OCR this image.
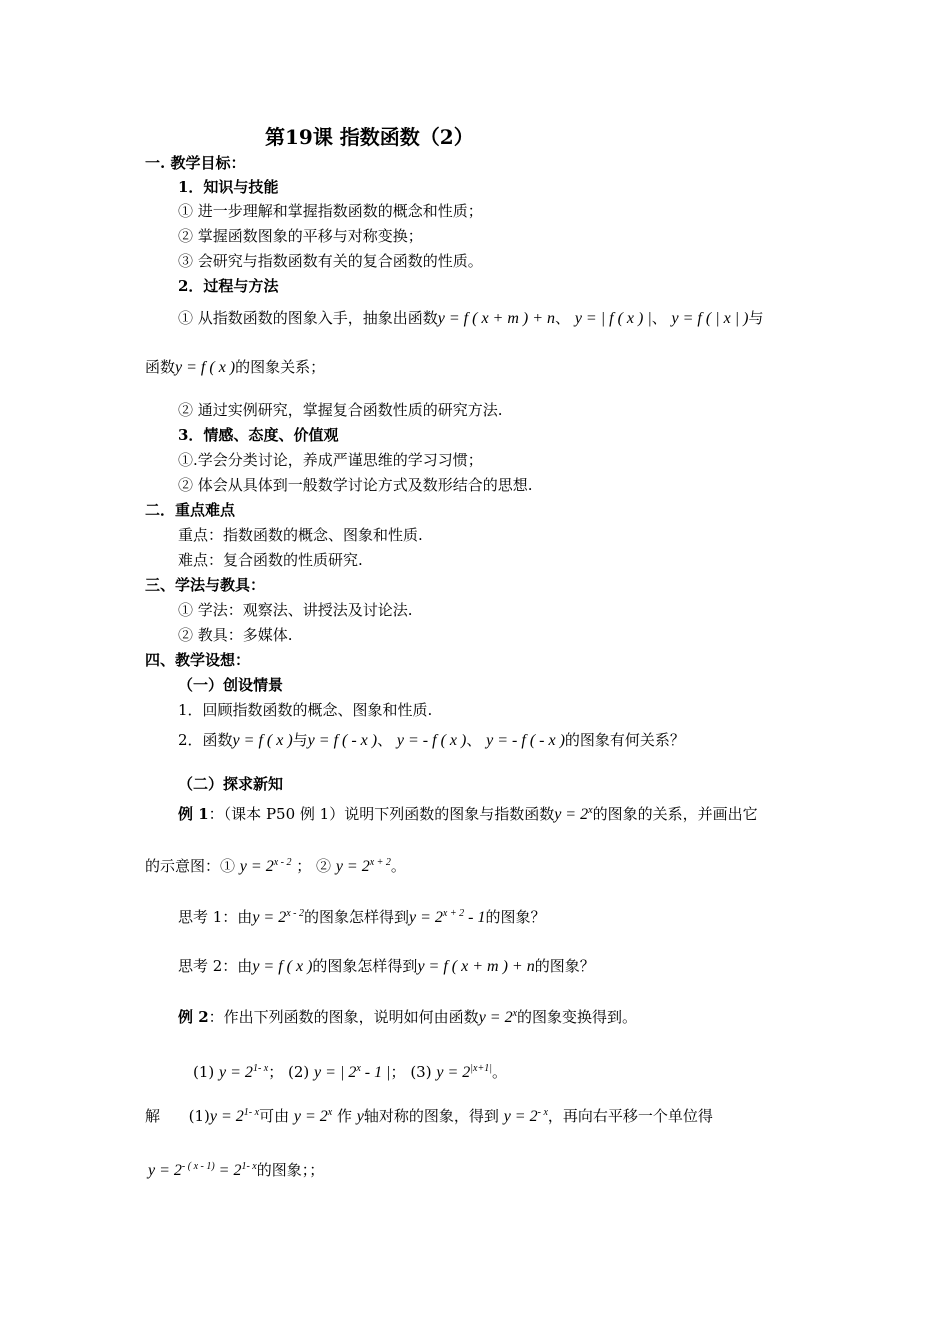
第19课 指数函数（2）
一. 教学目标：
1．知识与技能
① 进一步理解和掌握指数函数的概念和性质；
② 掌握函数图象的平移与对称变换；
③ 会研究与指数函数有关的复合函数的性质。
2．过程与方法
① 从指数函数的图象入手，抽象出函数y = f ( x + m ) + n、 y = | f ( x ) |、 y = f ( | x | )与
函数y = f ( x )的图象关系；
② 通过实例研究，掌握复合函数性质的研究方法.
3．情感、态度、价值观
①.学会分类讨论，养成严谨思维的学习习惯；
② 体会从具体到一般数学讨论方式及数形结合的思想.
二．重点难点
重点：指数函数的概念、图象和性质.
难点：复合函数的性质研究.
三、学法与教具：
① 学法：观察法、讲授法及讨论法.
② 教具：多媒体.
四、教学设想：
（一）创设情景
1．回顾指数函数的概念、图象和性质.
2．函数y = f ( x )与y = f ( - x )、 y = - f ( x )、 y = - f ( - x )的图象有何关系？
（二）探求新知
例 1：（课本 P50 例 1）说明下列函数的图象与指数函数$y = 2^x$的图象的关系，并画出它
的示意图：① $y = 2^{x - 2}$ ； ② $y = 2^{x + 2}$。
思考 1：由$y = 2^{x - 2}$的图象怎样得到$y = 2^{x + 2} - 1$的图象？
思考 2：由y = f ( x )的图象怎样得到y = f ( x + m ) + n的图象？
例 2：作出下列函数的图象，说明如何由函数$y = 2^x$的图象变换得到。
(1) $y = 2^{1- x}$； (2) y = | 2$^x$ - 1 |； (3) $y = 2^{|x+1|}$。
解 $(1)y = 2^{1- x}$可由 $y = 2^x$ 作 y轴对称的图象，得到 $y = 2^{- x}$，再向右平移一个单位得
$y = 2^{- ( x - 1)} = 2^{1- x}$的图象；；
